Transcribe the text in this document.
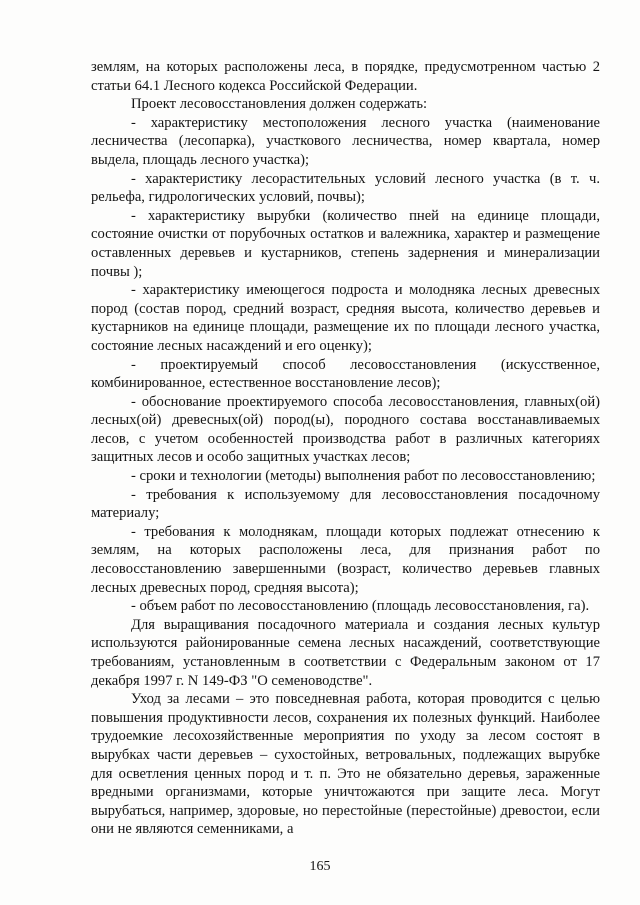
землям, на которых расположены леса, в порядке, предусмотренном частью 2 статьи 64.1 Лесного кодекса Российской Федерации.

Проект лесовосстановления должен содержать:

- характеристику местоположения лесного участка (наименование лесничества (лесопарка), участкового лесничества, номер квартала, номер выдела, площадь лесного участка);

- характеристику лесорастительных условий лесного участка (в т. ч. рельефа, гидрологических условий, почвы);

- характеристику вырубки (количество пней на единице площади, состояние очистки от порубочных остатков и валежника, характер и размещение оставленных деревьев и кустарников, степень задернения и минерализации почвы );

- характеристику имеющегося подроста и молодняка лесных древесных пород (состав пород, средний возраст, средняя высота, количество деревьев и кустарников на единице площади, размещение их по площади лесного участка, состояние лесных насаждений и его оценку);

- проектируемый способ лесовосстановления (искусственное, комбинированное, естественное восстановление лесов);

- обоснование проектируемого способа лесовосстановления, главных(ой) лесных(ой) древесных(ой) пород(ы), породного состава восстанавливаемых лесов, с учетом особенностей производства работ в различных категориях защитных лесов и особо защитных участках лесов;

- сроки и технологии (методы) выполнения работ по лесовосстановлению;

- требования к используемому для лесовосстановления посадочному материалу;

- требования к молоднякам, площади которых подлежат отнесению к землям, на которых расположены леса, для признания работ по лесовосстановлению завершенными (возраст, количество деревьев главных лесных древесных пород, средняя высота);

- объем работ по лесовосстановлению (площадь лесовосстановления, га).

Для выращивания посадочного материала и создания лесных культур используются районированные семена лесных насаждений, соответствующие требованиям, установленным в соответствии с Федеральным законом от 17 декабря 1997 г. N 149-ФЗ "О семеноводстве".

Уход за лесами – это повседневная работа, которая проводится с целью повышения продуктивности лесов, сохранения их полезных функций. Наиболее трудоемкие лесохозяйственные мероприятия по уходу за лесом состоят в вырубках части деревьев – сухостойных, ветровальных, подлежащих вырубке для осветления ценных пород и т. п. Это не обязательно деревья, зараженные вредными организмами, которые уничтожаются при защите леса. Могут вырубаться, например, здоровые, но перестойные (перестойные) древостои, если они не являются семенниками, а

165
